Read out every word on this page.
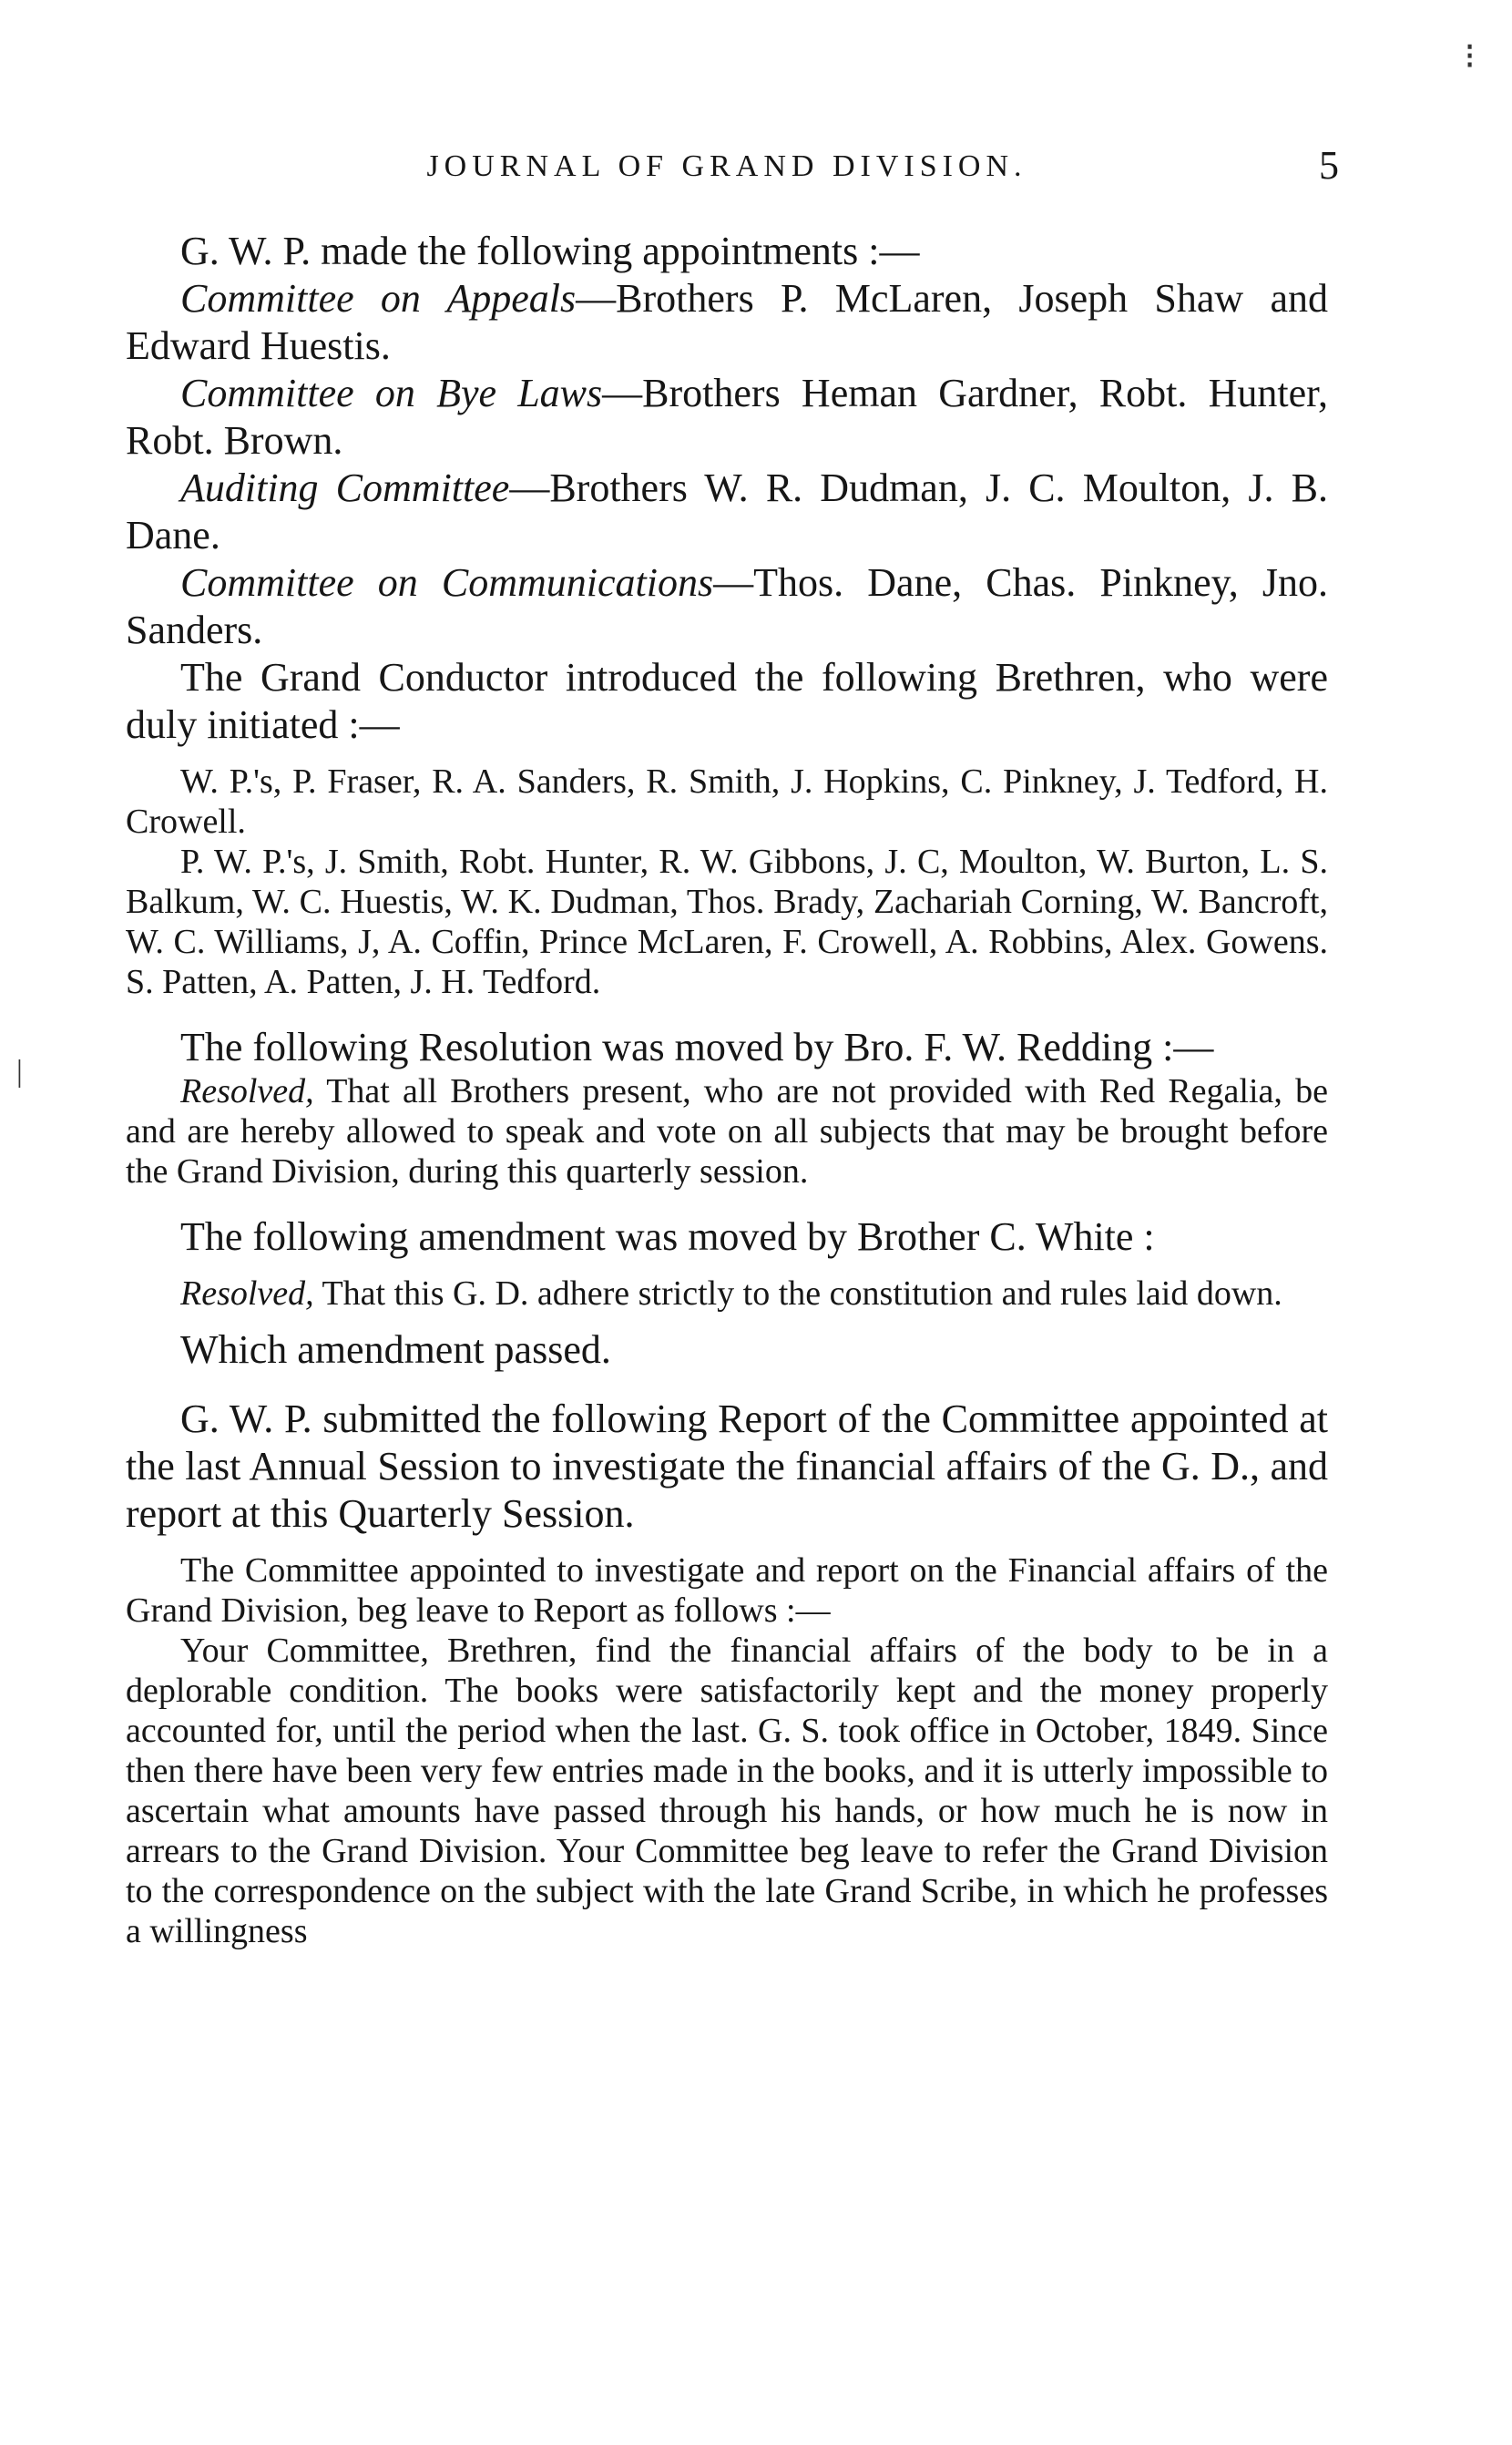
⁝
|
JOURNAL OF GRAND DIVISION.	5

G. W. P. made the following appointments :—

Committee on Appeals—Brothers P. McLaren, Joseph Shaw and Edward Huestis.

Committee on Bye Laws—Brothers Heman Gardner, Robt. Hunter, Robt. Brown.

Auditing Committee—Brothers W. R. Dudman, J. C. Moulton, J. B. Dane.

Committee on Communications—Thos. Dane, Chas. Pinkney, Jno. Sanders.

The Grand Conductor introduced the following Brethren, who were duly initiated :—

W. P.'s, P. Fraser, R. A. Sanders, R. Smith, J. Hopkins, C. Pinkney, J. Tedford, H. Crowell.

P. W. P.'s, J. Smith, Robt. Hunter, R. W. Gibbons, J. C, Moulton, W. Burton, L. S. Balkum, W. C. Huestis, W. K. Dudman, Thos. Brady, Zachariah Corning, W. Bancroft, W. C. Williams, J, A. Coffin, Prince McLaren, F. Crowell, A. Robbins, Alex. Gowens. S. Patten, A. Patten, J. H. Tedford.

The following Resolution was moved by Bro. F. W. Redding :—

Resolved, That all Brothers present, who are not provided with Red Regalia, be and are hereby allowed to speak and vote on all subjects that may be brought before the Grand Division, during this quarterly session.

The following amendment was moved by Brother C. White :

Resolved, That this G. D. adhere strictly to the constitution and rules laid down.

Which amendment passed.

G. W. P. submitted the following Report of the Committee appointed at the last Annual Session to investigate the financial affairs of the G. D., and report at this Quarterly Session.

The Committee appointed to investigate and report on the Financial affairs of the Grand Division, beg leave to Report as follows :—

Your Committee, Brethren, find the financial affairs of the body to be in a deplorable condition. The books were satisfactorily kept and the money properly accounted for, until the period when the last. G. S. took office in October, 1849. Since then there have been very few entries made in the books, and it is utterly impossible to ascertain what amounts have passed through his hands, or how much he is now in arrears to the Grand Division. Your Committee beg leave to refer the Grand Division to the correspondence on the subject with the late Grand Scribe, in which he professes a willingness
